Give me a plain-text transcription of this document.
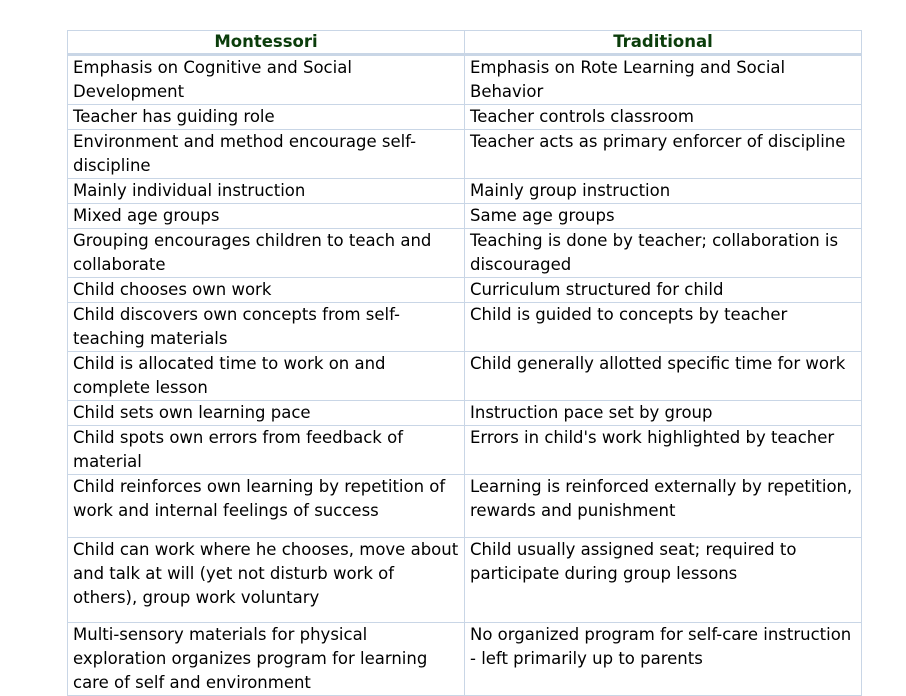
Montessori	Traditional
Emphasis on Cognitive and Social Development	Emphasis on Rote Learning and Social Behavior
Teacher has guiding role	Teacher controls classroom
Environment and method encourage self-discipline	Teacher acts as primary enforcer of discipline
Mainly individual instruction	Mainly group instruction
Mixed age groups	Same age groups
Grouping encourages children to teach and collaborate	Teaching is done by teacher; collaboration is discouraged
Child chooses own work	Curriculum structured for child
Child discovers own concepts from self-teaching materials	Child is guided to concepts by teacher
Child is allocated time to work on and complete lesson	Child generally allotted specific time for work
Child sets own learning pace	Instruction pace set by group
Child spots own errors from feedback of material	Errors in child's work highlighted by teacher
Child reinforces own learning by repetition of work and internal feelings of success	Learning is reinforced externally by repetition, rewards and punishment
Child can work where he chooses, move about and talk at will (yet not disturb work of others), group work voluntary	Child usually assigned seat; required to participate during group lessons
Multi-sensory materials for physical exploration organizes program for learning care of self and environment	No organized program for self-care instruction - left primarily up to parents
